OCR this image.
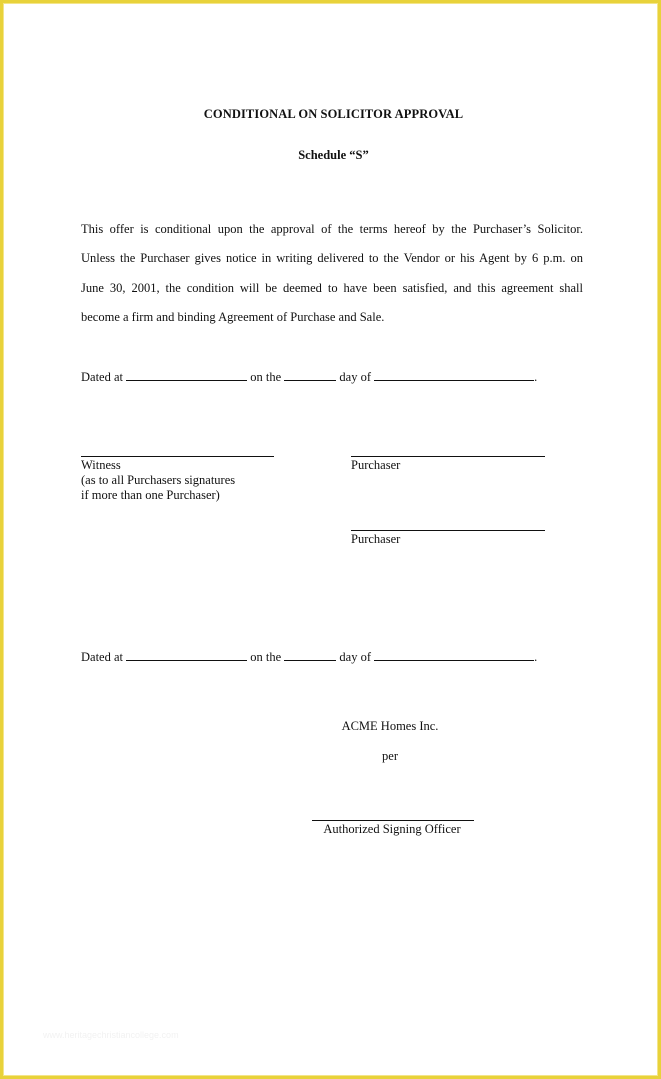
CONDITIONAL ON SOLICITOR APPROVAL
Schedule “S”
This offer is conditional upon the approval of the terms hereof by the Purchaser’s Solicitor.
Unless the Purchaser gives notice in writing delivered to the Vendor or his Agent by 6 p.m. on
June 30, 2001, the condition will be deemed to have been satisfied, and this agreement shall
become a firm and binding Agreement of Purchase and Sale.
Dated at	on the	day of	.
Witness
(as to all Purchasers signatures
if more than one Purchaser)
Purchaser
Purchaser
Dated at	on the	day of	.
ACME Homes Inc.
per
Authorized Signing Officer
www.heritagechristiancollege.com
